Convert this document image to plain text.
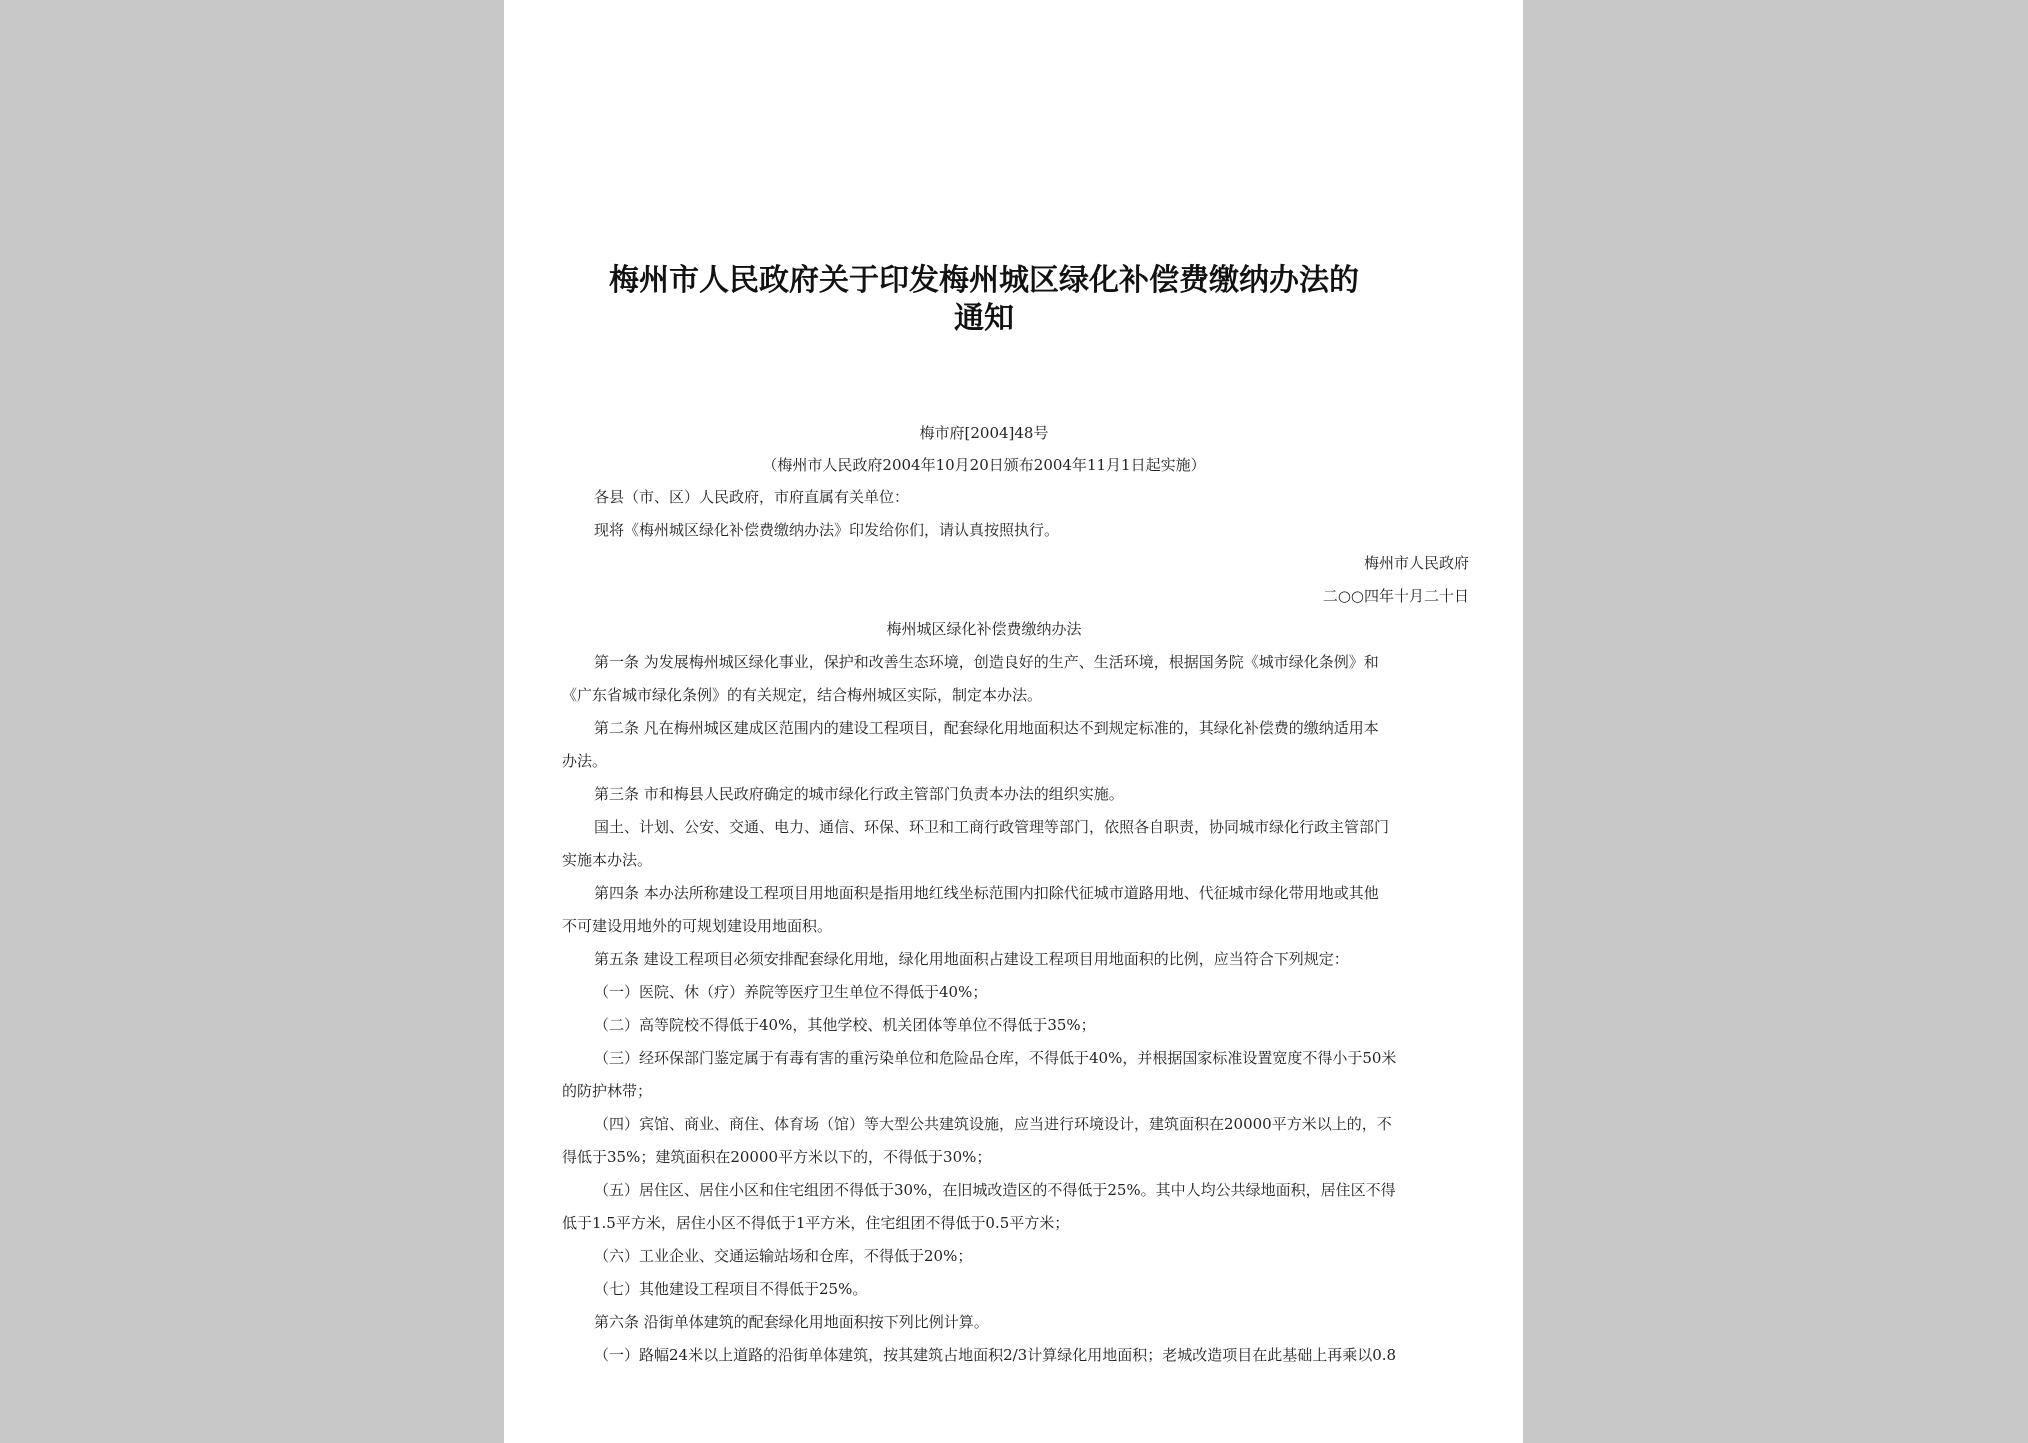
梅州市人民政府关于印发梅州城区绿化补偿费缴纳办法的通知

梅市府[2004]48号

（梅州市人民政府2004年10月20日颁布2004年11月1日起实施）

各县（市、区）人民政府，市府直属有关单位：

现将《梅州城区绿化补偿费缴纳办法》印发给你们，请认真按照执行。

梅州市人民政府

二○○四年十月二十日

梅州城区绿化补偿费缴纳办法

第一条 为发展梅州城区绿化事业，保护和改善生态环境，创造良好的生产、生活环境，根据国务院《城市绿化条例》和

《广东省城市绿化条例》的有关规定，结合梅州城区实际，制定本办法。

第二条 凡在梅州城区建成区范围内的建设工程项目，配套绿化用地面积达不到规定标准的，其绿化补偿费的缴纳适用本

办法。

第三条 市和梅县人民政府确定的城市绿化行政主管部门负责本办法的组织实施。

国土、计划、公安、交通、电力、通信、环保、环卫和工商行政管理等部门，依照各自职责，协同城市绿化行政主管部门

实施本办法。

第四条 本办法所称建设工程项目用地面积是指用地红线坐标范围内扣除代征城市道路用地、代征城市绿化带用地或其他

不可建设用地外的可规划建设用地面积。

第五条 建设工程项目必须安排配套绿化用地，绿化用地面积占建设工程项目用地面积的比例，应当符合下列规定：

（一）医院、休（疗）养院等医疗卫生单位不得低于40%；

（二）高等院校不得低于40%，其他学校、机关团体等单位不得低于35%；

（三）经环保部门鉴定属于有毒有害的重污染单位和危险品仓库，不得低于40%，并根据国家标准设置宽度不得小于50米

的防护林带；

（四）宾馆、商业、商住、体育场（馆）等大型公共建筑设施，应当进行环境设计，建筑面积在20000平方米以上的，不

得低于35%；建筑面积在20000平方米以下的，不得低于30%；

（五）居住区、居住小区和住宅组团不得低于30%，在旧城改造区的不得低于25%。其中人均公共绿地面积，居住区不得

低于1.5平方米，居住小区不得低于1平方米，住宅组团不得低于0.5平方米；

（六）工业企业、交通运输站场和仓库，不得低于20%；

（七）其他建设工程项目不得低于25%。

第六条 沿街单体建筑的配套绿化用地面积按下列比例计算。

（一）路幅24米以上道路的沿街单体建筑，按其建筑占地面积2/3计算绿化用地面积；老城改造项目在此基础上再乘以0.8
